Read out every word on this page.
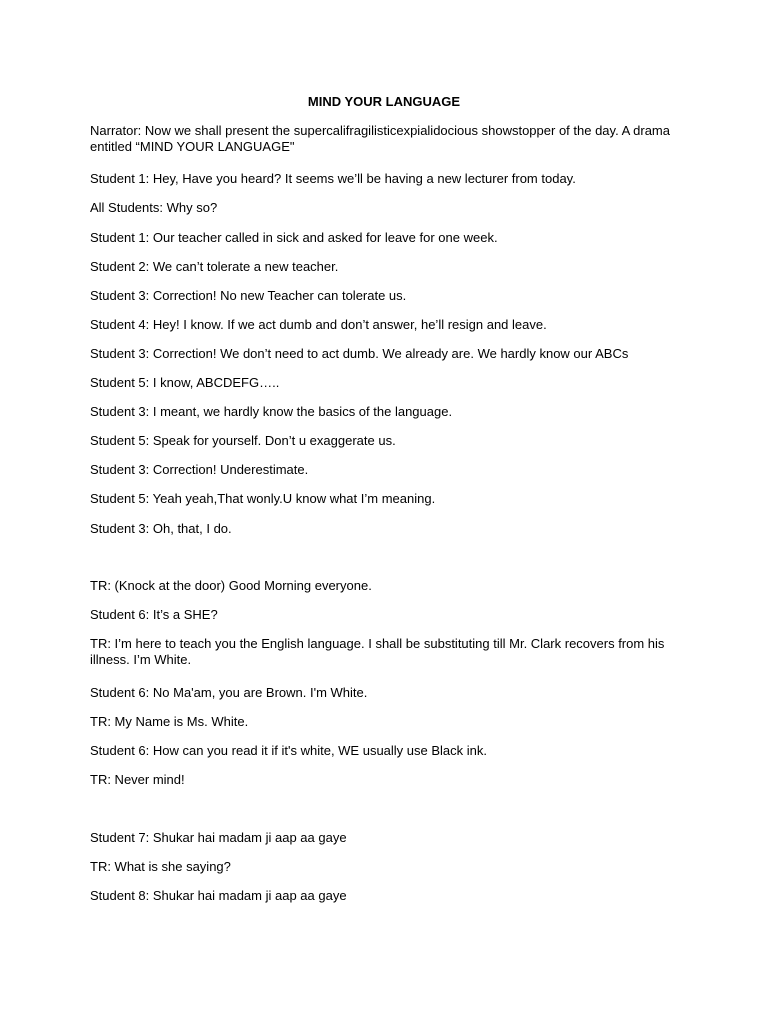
MIND YOUR LANGUAGE
Narrator: Now we shall present the supercalifragilisticexpialidocious showstopper of the day. A drama entitled “MIND YOUR LANGUAGE"
Student 1: Hey, Have you heard? It seems we’ll be having a new lecturer from today.
All Students: Why so?
Student 1: Our teacher called in sick and asked for leave for one week.
Student 2: We can’t tolerate a new teacher.
Student 3: Correction! No new Teacher can tolerate us.
Student 4: Hey! I know. If we act dumb and don’t answer, he’ll resign and leave.
Student 3: Correction! We don’t need to act dumb. We already are. We hardly know our ABCs
Student 5: I know, ABCDEFG…..
Student 3: I meant, we hardly know the basics of the language.
Student 5: Speak for yourself. Don’t u exaggerate us.
Student 3: Correction! Underestimate.
Student 5: Yeah yeah,That wonly.U know what I’m meaning.
Student 3: Oh, that, I do.
TR: (Knock at the door) Good Morning everyone.
Student 6: It’s a SHE?
TR: I’m here to teach you the English language. I shall be substituting till Mr. Clark recovers from his illness. I’m White.
Student 6: No Ma'am, you are Brown. I'm White.
TR: My Name is Ms. White.
Student 6: How can you read it if it's white, WE usually use Black ink.
TR: Never mind!
Student 7: Shukar hai madam ji aap aa gaye
TR: What is she saying?
Student 8: Shukar hai madam ji aap aa gaye
